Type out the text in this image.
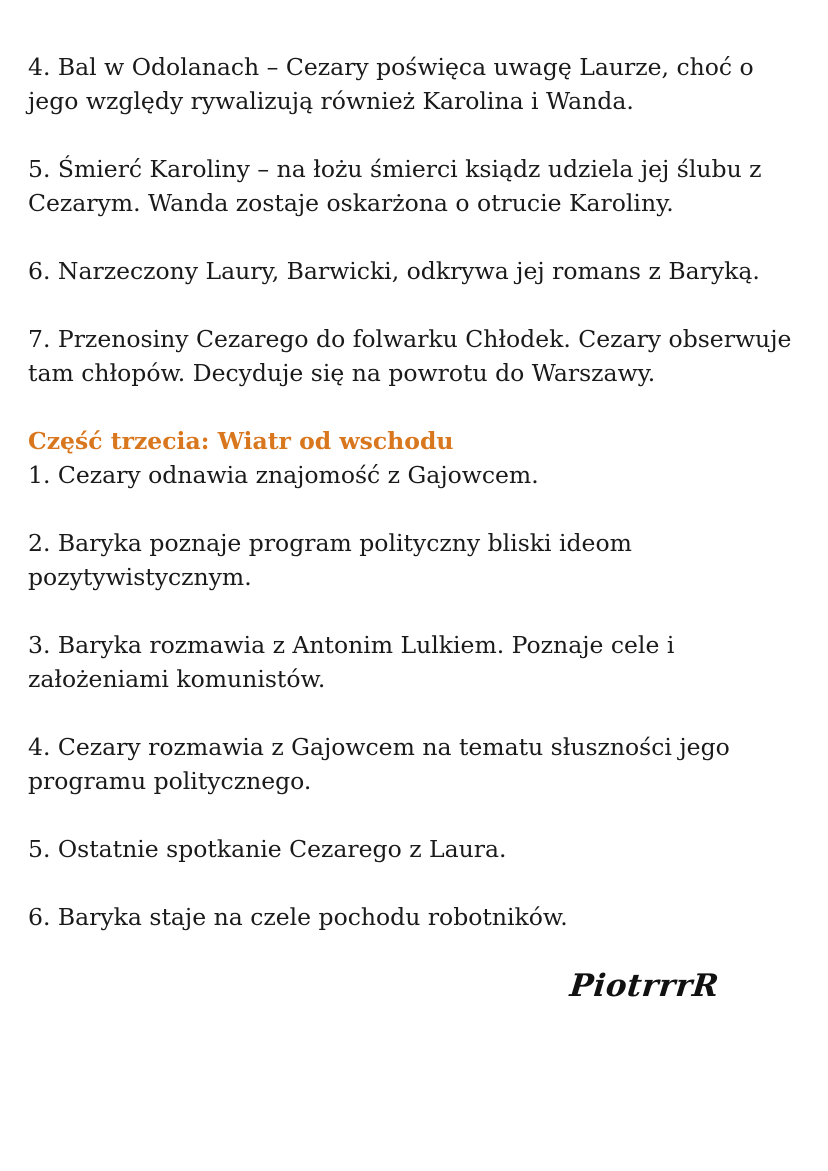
4. Bal w Odolanach – Cezary poświęca uwagę Laurze, choć o jego względy rywalizują również Karolina i Wanda.

5. Śmierć Karoliny – na łożu śmierci ksiądz udziela jej ślubu z Cezarym. Wanda zostaje oskarżona o otrucie Karoliny.

6. Narzeczony Laury, Barwicki, odkrywa jej romans z Baryką.

7. Przenosiny Cezarego do folwarku Chłodek. Cezary obserwuje tam chłopów. Decyduje się na powrotu do Warszawy.

Część trzecia: Wiatr od wschodu

1. Cezary odnawia znajomość z Gajowcem.

2. Baryka poznaje program polityczny bliski ideom pozytywistycznym.

3. Baryka rozmawia z Antonim Lulkiem. Poznaje cele i założeniami komunistów.

4. Cezary rozmawia z Gajowcem na tematu słuszności jego programu politycznego.

5. Ostatnie spotkanie Cezarego z Laura.

6. Baryka staje na czele pochodu robotników.

PiotrrrR
